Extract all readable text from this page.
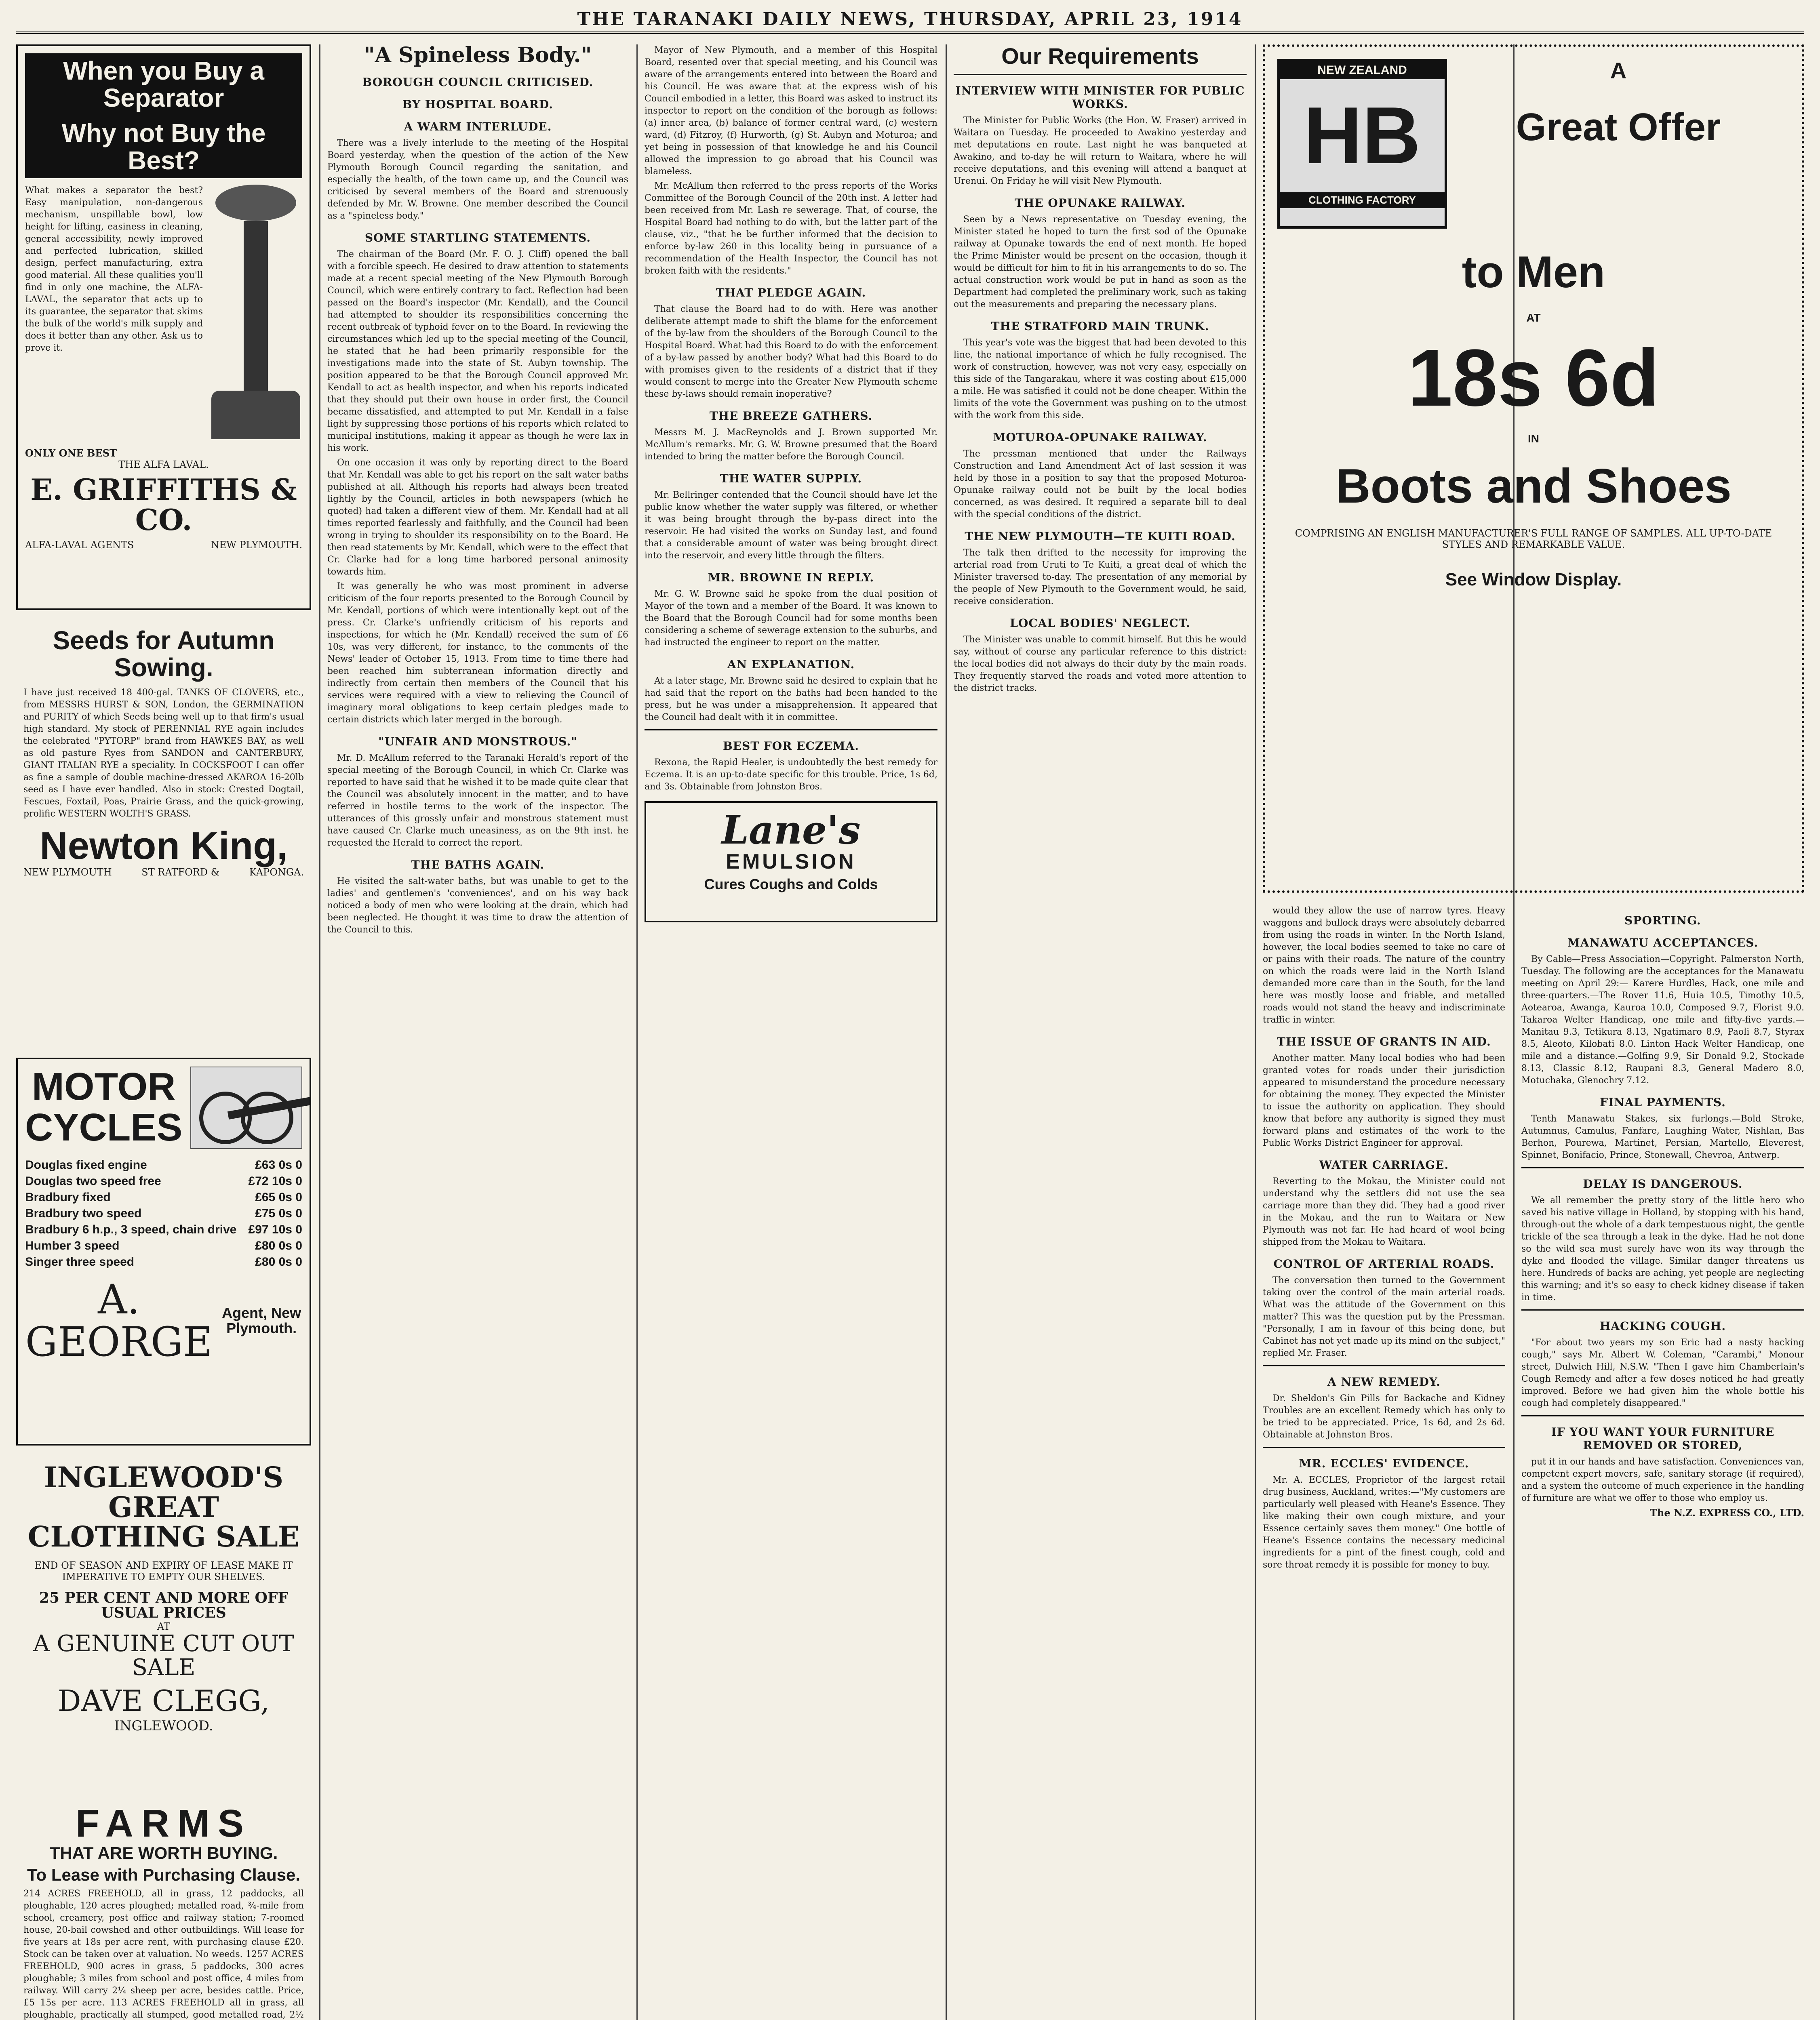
THE TARANAKI DAILY NEWS, THURSDAY, APRIL 23, 1914
When you Buy a Separator
Why not Buy the Best?
What makes a separator the best? Easy manipulation, non-dangerous mechanism, unspillable bowl, low height for lifting, easiness in cleaning, general accessibility, newly improved and perfected lubrication, skilled design, perfect manufacturing, extra good material. All these qualities you'll find in only one machine, the ALFA-LAVAL, the separator that acts up to its guarantee, the separator that skims the bulk of the world's milk supply and does it better than any other. Ask us to prove it.
ONLY ONE BEST
THE ALFA LAVAL.
E. GRIFFITHS & CO.
ALFA-LAVAL AGENTS	NEW PLYMOUTH.
Seeds for Autumn Sowing.
I have just received 18 400-gal. TANKS OF CLOVERS, etc., from MESSRS HURST & SON, London, the GERMINATION and PURITY of which Seeds being well up to that firm's usual high standard. My stock of PERENNIAL RYE again includes the celebrated "PYTORP" brand from HAWKES BAY, as well as old pasture Ryes from SANDON and CANTERBURY, GIANT ITALIAN RYE a speciality. In COCKSFOOT I can offer as fine a sample of double machine-dressed AKAROA 16-20lb seed as I have ever handled. Also in stock: Crested Dogtail, Fescues, Foxtail, Poas, Prairie Grass, and the quick-growing, prolific WESTERN WOLTH'S GRASS.
Newton King,
NEW PLYMOUTH	ST RATFORD &	KAPONGA.
MOTOR
CYCLES
Douglas fixed engine	£63 0s 0
Douglas two speed free	£72 10s 0
Bradbury fixed	£65 0s 0
Bradbury two speed	£75 0s 0
Bradbury 6 h.p., 3 speed, chain drive £97 10s 0
Humber 3 speed	£80 0s 0
Singer three speed	£80 0s 0
A. GEORGE
Agent, New Plymouth.
INGLEWOOD'S GREAT
CLOTHING SALE
END OF SEASON AND EXPIRY OF LEASE MAKE IT IMPERATIVE TO EMPTY OUR SHELVES.
25 PER CENT AND MORE OFF USUAL PRICES
AT
A GENUINE CUT OUT SALE
DAVE CLEGG, INGLEWOOD.
FARMS
THAT ARE WORTH BUYING.
To Lease with Purchasing Clause.
214 ACRES FREEHOLD, all in grass, 12 paddocks, all ploughable, 120 acres ploughed; metalled road, ¾-mile from school, creamery, post office and railway station; 7-roomed house, 20-bail cowshed and other outbuildings. Will lease for five years at 18s per acre rent, with purchasing clause £20. Stock can be taken over at valuation. No weeds. 1257 ACRES FREEHOLD, 900 acres in grass, 5 paddocks, 300 acres ploughable; 3 miles from school and post office, 4 miles from railway. Will carry 2¼ sheep per acre, besides cattle. Price, £5 15s per acre. 113 ACRES FREEHOLD all in grass, all ploughable, practically all stumped, good metalled road, 2½
"A Spineless Body."
BOROUGH COUNCIL CRITICISED.
BY HOSPITAL BOARD.
A WARM INTERLUDE.

There was a lively interlude to the meeting of the Hospital Board yesterday, when the question of the action of the New Plymouth Borough Council regarding the sanitation, and especially the health, of the town came up, and the Council was criticised by several members of the Board and strenuously defended by Mr. W. Browne. One member described the Council as a "spineless body."

SOME STARTLING STATEMENTS.

The chairman of the Board (Mr. F. O. J. Cliff) opened the ball with a forcible speech. He desired to draw attention to statements made at a recent special meeting of the New Plymouth Borough Council, which were entirely contrary to fact. Reflection had been passed on the Board's inspector (Mr. Kendall), and the Council had attempted to shoulder its responsibilities concerning the recent outbreak of typhoid fever on to the Board. In reviewing the circumstances which led up to the special meeting of the Council, he stated that he had been primarily responsible for the investigations made into the state of St. Aubyn township. The position appeared to be that the Borough Council approved Mr. Kendall to act as health inspector, and when his reports indicated that they should put their own house in order first, the Council became dissatisfied, and attempted to put Mr. Kendall in a false light by suppressing those portions of his reports which related to municipal institutions, making it appear as though he were lax in his work.

On one occasion it was only by reporting direct to the Board that Mr. Kendall was able to get his report on the salt water baths published at all. Although his reports had always been treated lightly by the Council, articles in both newspapers (which he quoted) had taken a different view of them. Mr. Kendall had at all times reported fearlessly and faithfully, and the Council had been wrong in trying to shoulder its responsibility on to the Board. He then read statements by Mr. Kendall, which were to the effect that Cr. Clarke had for a long time harbored personal animosity towards him.

It was generally he who was most prominent in adverse criticism of the four reports presented to the Borough Council by Mr. Kendall, portions of which were intentionally kept out of the press. Cr. Clarke's unfriendly criticism of his reports and inspections, for which he (Mr. Kendall) received the sum of £6 10s, was very different, for instance, to the comments of the News' leader of October 15, 1913. From time to time there had been reached him subterranean information directly and indirectly from certain then members of the Council that his services were required with a view to relieving the Council of imaginary moral obligations to keep certain pledges made to certain districts which later merged in the borough.

"UNFAIR AND MONSTROUS."

Mr. D. McAllum referred to the Taranaki Herald's report of the special meeting of the Borough Council, in which Cr. Clarke was reported to have said that he wished it to be made quite clear that the Council was absolutely innocent in the matter, and to have referred in hostile terms to the work of the inspector. The utterances of this grossly unfair and monstrous statement must have caused Cr. Clarke much uneasiness, as on the 9th inst. he requested the Herald to correct the report.

THE BATHS AGAIN.

He visited the salt-water baths, but was unable to get to the ladies' and gentlemen's 'conveniences', and on his way back noticed a body of men who were looking at the drain, which had been neglected. He thought it was time to draw the attention of the Council to this.

Mayor of New Plymouth, and a member of this Hospital Board, resented over that special meeting, and his Council was aware of the arrangements entered into between the Board and his Council. He was aware that at the express wish of his Council embodied in a letter, this Board was asked to instruct its inspector to report on the condition of the borough as follows: (a) inner area, (b) balance of former central ward, (c) western ward, (d) Fitzroy, (f) Hurworth, (g) St. Aubyn and Moturoa; and yet being in possession of that knowledge he and his Council allowed the impression to go abroad that his Council was blameless.

Mr. McAllum then referred to the press reports of the Works Committee of the Borough Council of the 20th inst. A letter had been received from Mr. Lash re sewerage. That, of course, the Hospital Board had nothing to do with, but the latter part of the clause, viz., "that he be further informed that the decision to enforce by-law 260 in this locality being in pursuance of a recommendation of the Health Inspector, the Council has not broken faith with the residents."

THAT PLEDGE AGAIN.

That clause the Board had to do with. Here was another deliberate attempt made to shift the blame for the enforcement of the by-law from the shoulders of the Borough Council to the Hospital Board. What had this Board to do with the enforcement of a by-law passed by another body? What had this Board to do with promises given to the residents of a district that if they would consent to merge into the Greater New Plymouth scheme these by-laws should remain inoperative?

THE BREEZE GATHERS.

Messrs M. J. MacReynolds and J. Brown supported Mr. McAllum's remarks. Mr. G. W. Browne presumed that the Board intended to bring the matter before the Borough Council.

THE WATER SUPPLY.

Mr. Bellringer contended that the Council should have let the public know whether the water supply was filtered, or whether it was being brought through the by-pass direct into the reservoir. He had visited the works on Sunday last, and found that a considerable amount of water was being brought direct into the reservoir, and every little through the filters.

MR. BROWNE IN REPLY.

Mr. G. W. Browne said he spoke from the dual position of Mayor of the town and a member of the Board. It was known to the Board that the Borough Council had for some months been considering a scheme of sewerage extension to the suburbs, and had instructed the engineer to report on the matter.

AN EXPLANATION.

At a later stage, Mr. Browne said he desired to explain that he had said that the report on the baths had been handed to the press, but he was under a misapprehension. It appeared that the Council had dealt with it in committee.

BEST FOR ECZEMA.

Rexona, the Rapid Healer, is undoubtedly the best remedy for Eczema. It is an up-to-date specific for this trouble. Price, 1s 6d, and 3s. Obtainable from Johnston Bros.

Lane's
EMULSION
Cures Coughs and Colds
Our Requirements
INTERVIEW WITH MINISTER FOR PUBLIC WORKS.

The Minister for Public Works (the Hon. W. Fraser) arrived in Waitara on Tuesday. He proceeded to Awakino yesterday and met deputations en route. Last night he was banqueted at Awakino, and to-day he will return to Waitara, where he will receive deputations, and this evening will attend a banquet at Urenui. On Friday he will visit New Plymouth.

THE OPUNAKE RAILWAY.

Seen by a News representative on Tuesday evening, the Minister stated he hoped to turn the first sod of the Opunake railway at Opunake towards the end of next month. He hoped the Prime Minister would be present on the occasion, though it would be difficult for him to fit in his arrangements to do so. The actual construction work would be put in hand as soon as the Department had completed the preliminary work, such as taking out the measurements and preparing the necessary plans.

THE STRATFORD MAIN TRUNK.

This year's vote was the biggest that had been devoted to this line, the national importance of which he fully recognised. The work of construction, however, was not very easy, especially on this side of the Tangarakau, where it was costing about £15,000 a mile. He was satisfied it could not be done cheaper. Within the limits of the vote the Government was pushing on to the utmost with the work from this side.

MOTUROA-OPUNAKE RAILWAY.

The pressman mentioned that under the Railways Construction and Land Amendment Act of last session it was held by those in a position to say that the proposed Moturoa-Opunake railway could not be built by the local bodies concerned, as was desired. It required a separate bill to deal with the special conditions of the district.

THE NEW PLYMOUTH—TE KUITI ROAD.

The talk then drifted to the necessity for improving the arterial road from Uruti to Te Kuiti, a great deal of which the Minister traversed to-day. The presentation of any memorial by the people of New Plymouth to the Government would, he said, receive consideration.

LOCAL BODIES' NEGLECT.

The Minister was unable to commit himself. But this he would say, without of course any particular reference to this district: the local bodies did not always do their duty by the main roads. They frequently starved the roads and voted more attention to the district tracks.

would they allow the use of narrow tyres. Heavy waggons and bullock drays were absolutely debarred from using the roads in winter. In the North Island, however, the local bodies seemed to take no care of or pains with their roads. The nature of the country on which the roads were laid in the North Island demanded more care than in the South, for the land here was mostly loose and friable, and metalled roads would not stand the heavy and indiscriminate traffic in winter.

THE ISSUE OF GRANTS IN AID.

Another matter. Many local bodies who had been granted votes for roads under their jurisdiction appeared to misunderstand the procedure necessary for obtaining the money. They expected the Minister to issue the authority on application. They should know that before any authority is signed they must forward plans and estimates of the work to the Public Works District Engineer for approval.

WATER CARRIAGE.

Reverting to the Mokau, the Minister could not understand why the settlers did not use the sea carriage more than they did. They had a good river in the Mokau, and the run to Waitara or New Plymouth was not far. He had heard of wool being shipped from the Mokau to Waitara.

CONTROL OF ARTERIAL ROADS.

The conversation then turned to the Government taking over the control of the main arterial roads. What was the attitude of the Government on this matter? This was the question put by the Pressman. "Personally, I am in favour of this being done, but Cabinet has not yet made up its mind on the subject," replied Mr. Fraser.

A NEW REMEDY.

Dr. Sheldon's Gin Pills for Backache and Kidney Troubles are an excellent Remedy which has only to be tried to be appreciated. Price, 1s 6d, and 2s 6d. Obtainable at Johnston Bros.

MR. ECCLES' EVIDENCE.

Mr. A. ECCLES, Proprietor of the largest retail drug business, Auckland, writes:—"My customers are particularly well pleased with Heane's Essence. They like making their own cough mixture, and your Essence certainly saves them money." One bottle of Heane's Essence contains the necessary medicinal ingredients for a pint of the finest cough, cold and sore throat remedy it is possible for money to buy.

NEW ZEALAND
HB
CLOTHING FACTORY
A
Great Offer
to Men
AT
18s 6d
IN
Boots and Shoes
COMPRISING AN ENGLISH MANUFACTURER'S FULL RANGE OF SAMPLES. ALL UP-TO-DATE STYLES AND REMARKABLE VALUE.
See Window Display.
SPORTING.
MANAWATU ACCEPTANCES.

By Cable—Press Association—Copyright. Palmerston North, Tuesday. The following are the acceptances for the Manawatu meeting on April 29:— Karere Hurdles, Hack, one mile and three-quarters.—The Rover 11.6, Huia 10.5, Timothy 10.5, Aotearoa, Awanga, Kauroa 10.0, Composed 9.7, Florist 9.0. Takaroa Welter Handicap, one mile and fifty-five yards.—Manitau 9.3, Tetikura 8.13, Ngatimaro 8.9, Paoli 8.7, Styrax 8.5, Aleoto, Kilobati 8.0. Linton Hack Welter Handicap, one mile and a distance.—Golfing 9.9, Sir Donald 9.2, Stockade 8.13, Classic 8.12, Raupani 8.3, General Madero 8.0, Motuchaka, Glenochry 7.12.

FINAL PAYMENTS.

Tenth Manawatu Stakes, six furlongs.—Bold Stroke, Autumnus, Camulus, Fanfare, Laughing Water, Nishlan, Bas Berhon, Pourewa, Martinet, Persian, Martello, Eleverest, Spinnet, Bonifacio, Prince, Stonewall, Chevroa, Antwerp.

DELAY IS DANGEROUS.

We all remember the pretty story of the little hero who saved his native village in Holland, by stopping with his hand, through-out the whole of a dark tempestuous night, the gentle trickle of the sea through a leak in the dyke. Had he not done so the wild sea must surely have won its way through the dyke and flooded the village. Similar danger threatens us here. Hundreds of backs are aching, yet people are neglecting this warning; and it's so easy to check kidney disease if taken in time.

HACKING COUGH.

"For about two years my son Eric had a nasty hacking cough," says Mr. Albert W. Coleman, "Carambi," Monour street, Dulwich Hill, N.S.W. "Then I gave him Chamberlain's Cough Remedy and after a few doses noticed he had greatly improved. Before we had given him the whole bottle his cough had completely disappeared."

IF YOU WANT YOUR FURNITURE REMOVED OR STORED,

put it in our hands and have satisfaction. Conveniences van, competent expert movers, safe, sanitary storage (if required), and a system the outcome of much experience in the handling of furniture are what we offer to those who employ us.

The N.Z. EXPRESS CO., LTD.
